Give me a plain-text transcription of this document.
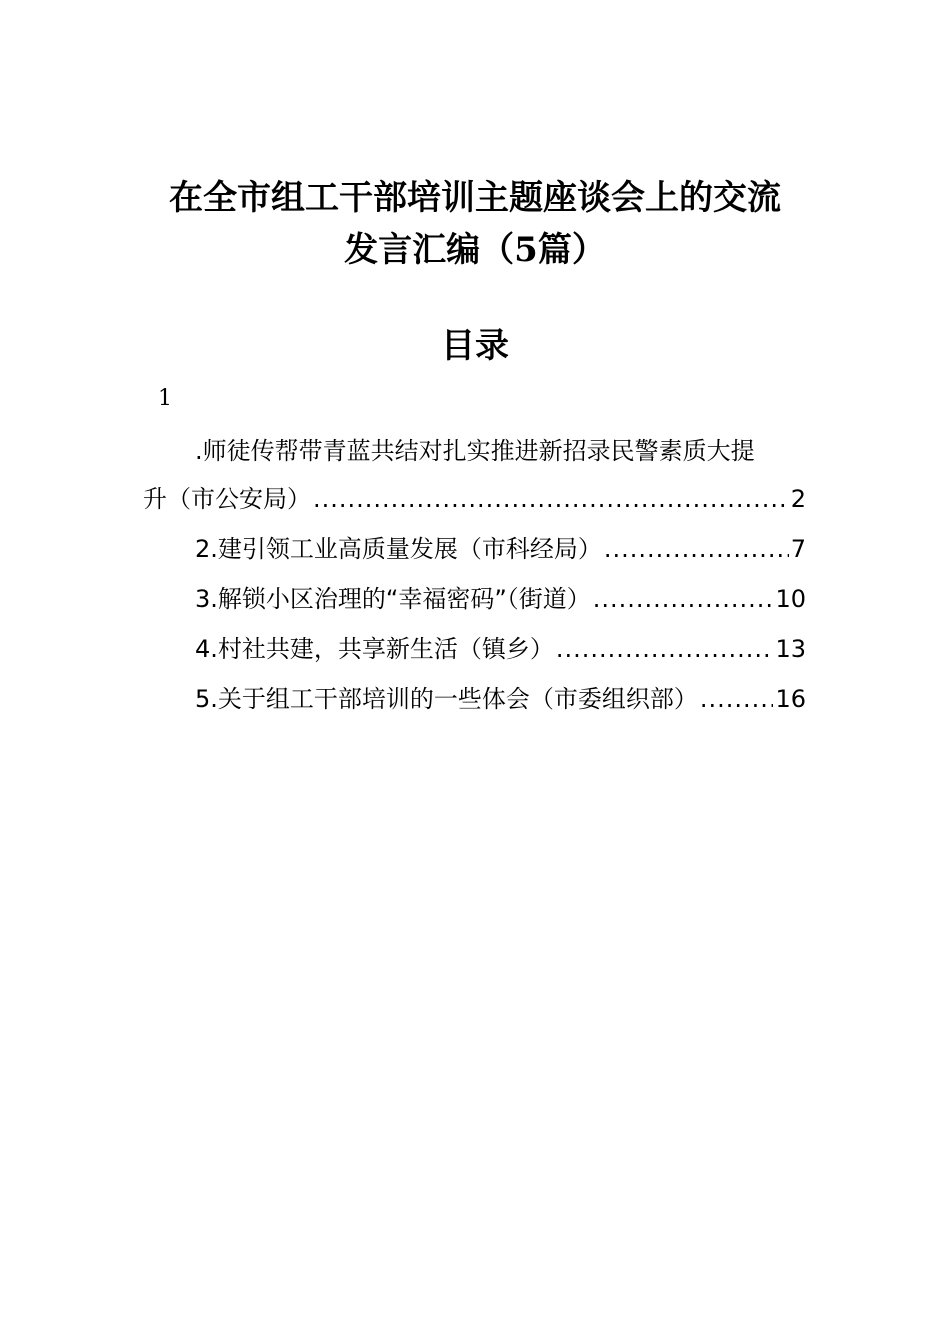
在全市组工干部培训主题座谈会上的交流
发言汇编（5篇）
目录
1
.师徒传帮带青蓝共结对扎实推进新招录民警素质大提
升（市公安局） .....	2
2.建引领工业高质量发展（市科经局） .....	7
3.解锁小区治理的“幸福密码”（街道） .....	10
4.村社共建，共享新生活（镇乡） .....	13
5.关于组工干部培训的一些体会（市委组织部） .....	16
